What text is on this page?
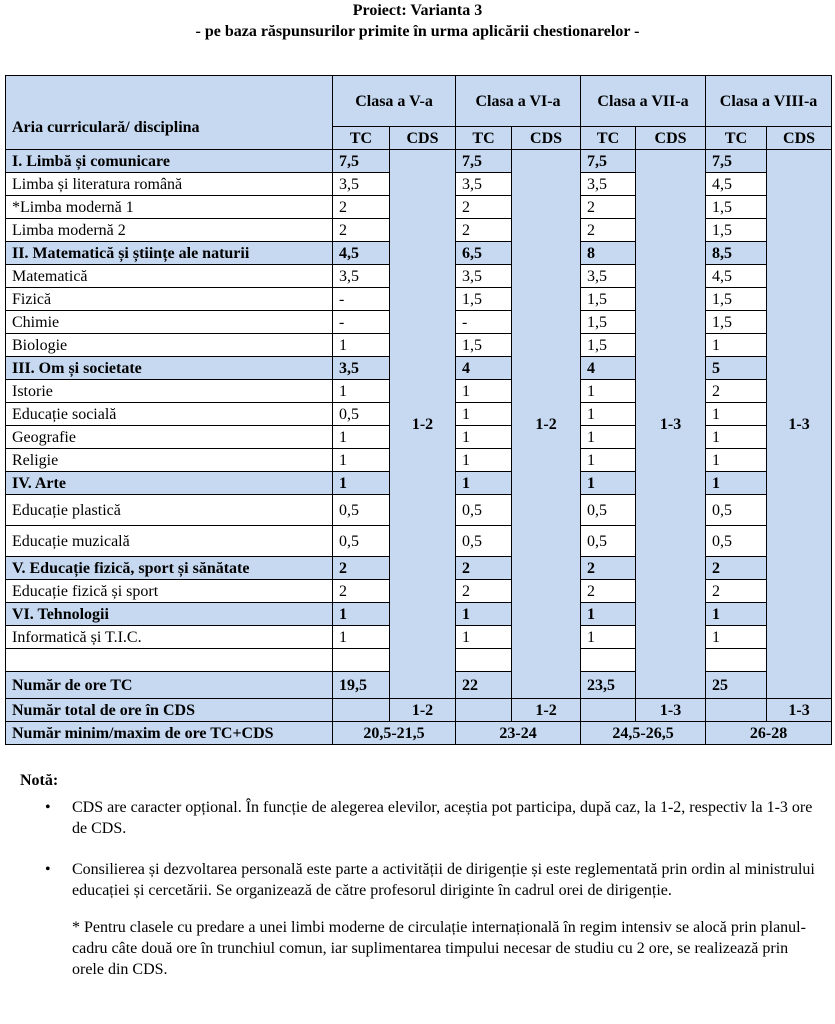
Proiect: Varianta 3
- pe baza răspunsurilor primite în urma aplicării chestionarelor -
Aria curriculară/ disciplina	Clasa a V-a		Clasa a VI-a		Clasa a VII-a		Clasa a VIII-a	
	TC	CDS	TC	CDS	TC	CDS	TC	CDS
I. Limbă și comunicare	7,5	1-2	7,5	1-2	7,5	1-3	7,5	1-3
Limba și literatura română	3,5		3,5		3,5		4,5	
*Limba modernă 1	2		2		2		1,5	
Limba modernă 2	2		2		2		1,5	
II. Matematică și științe ale naturii	4,5		6,5		8		8,5	
Matematică	3,5		3,5		3,5		4,5	
Fizică	-		1,5		1,5		1,5	
Chimie	-		-		1,5		1,5	
Biologie	1		1,5		1,5		1	
III. Om și societate	3,5		4		4		5	
Istorie	1		1		1		2	
Educație socială	0,5		1		1		1	
Geografie	1		1		1		1	
Religie	1		1		1		1	
IV. Arte	1		1		1		1	
Educație plastică	0,5		0,5		0,5		0,5	
Educație muzicală	0,5		0,5		0,5		0,5	
V. Educație fizică, sport și sănătate	2		2		2		2	
Educație fizică și sport	2		2		2		2	
VI. Tehnologii	1		1		1		1	
Informatică și T.I.C.	1		1		1		1	

Număr de ore TC	19,5		22		23,5		25	
Număr total de ore în CDS		1-2		1-2		1-3		1-3
Număr minim/maxim de ore TC+CDS	20,5-21,5		23-24		24,5-26,5		26-28	
Notă:
• CDS are caracter opțional. În funcție de alegerea elevilor, aceștia pot participa, după caz, la 1-2, respectiv la 1-3 ore de CDS.
• Consilierea și dezvoltarea personală este parte a activității de dirigenție și este reglementată prin ordin al ministrului educației și cercetării. Se organizează de către profesorul diriginte în cadrul orei de dirigenție.
* Pentru clasele cu predare a unei limbi moderne de circulație internațională în regim intensiv se alocă prin planul-cadru câte două ore în trunchiul comun, iar suplimentarea timpului necesar de studiu cu 2 ore, se realizează prin orele din CDS.
